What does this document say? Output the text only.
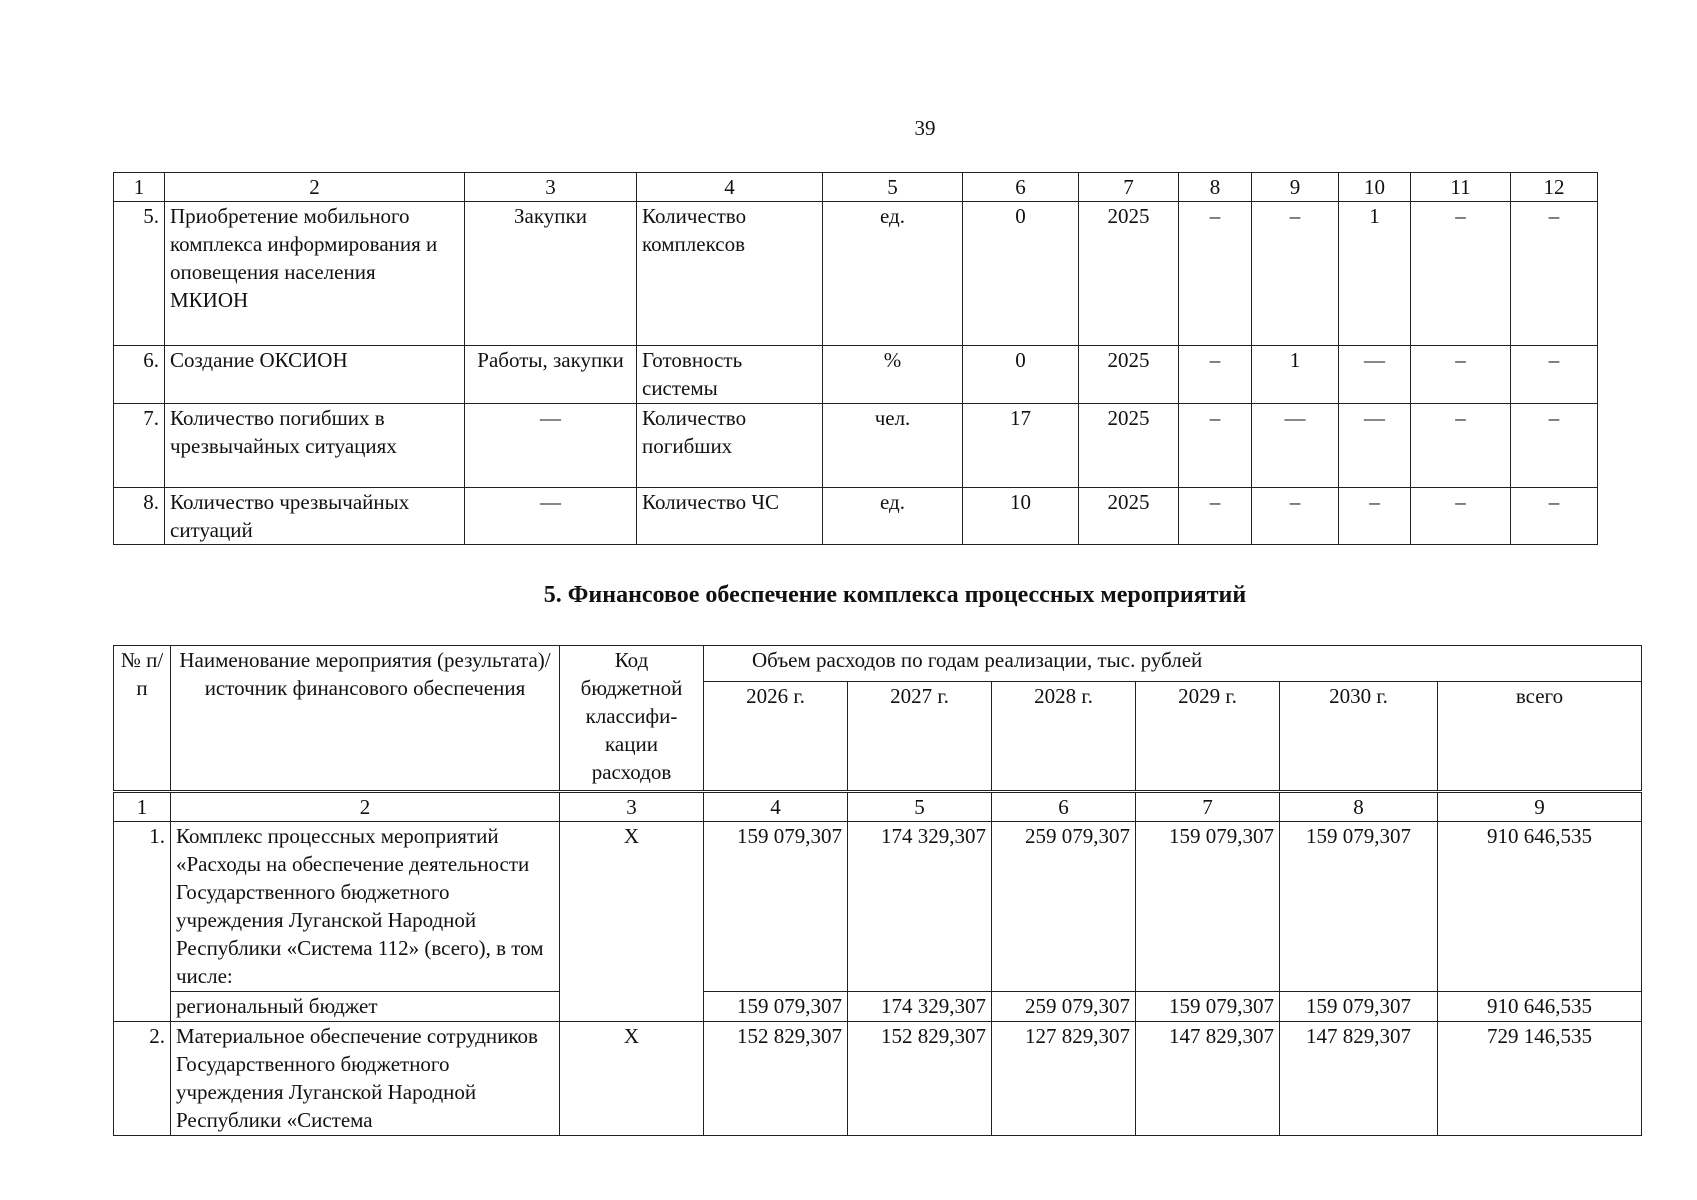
39
1	2	3	4	5	6	7	8	9	10	11	12
5.	Приобретение мобильного комплекса информирования и оповещения населения МКИОН	Закупки	Количество комплексов	ед.	0	2025	–	–	1	–	–
6.	Создание ОКСИОН	Работы, закупки	Готовность системы	%	0	2025	–	1	—	–	–
7.	Количество погибших в чрезвычайных ситуациях	—	Количество погибших	чел.	17	2025	–	—	—	–	–
8.	Количество чрезвычайных ситуаций	—	Количество ЧС	ед.	10	2025	–	–	–	–	–
5. Финансовое обеспечение комплекса процессных мероприятий
№ п/п	Наименование мероприятия (результата)/ источник финансового обеспечения	Код бюджетной классифи-кации расходов	Объем расходов по годам реализации, тыс. рублей					
			2026 г.	2027 г.	2028 г.	2029 г.	2030 г.	всего
1	2	3	4	5	6	7	8	9
1.	Комплекс процессных мероприятий «Расходы на обеспечение деятельности Государственного бюджетного учреждения Луганской Народной Республики «Система 112» (всего), в том числе:	Х	159 079,307	174 329,307	259 079,307	159 079,307	159 079,307	910 646,535
	региональный бюджет		159 079,307	174 329,307	259 079,307	159 079,307	159 079,307	910 646,535
2.	Материальное обеспечение сотрудников Государственного бюджетного учреждения Луганской Народной Республики «Система	Х	152 829,307	152 829,307	127 829,307	147 829,307	147 829,307	729 146,535
